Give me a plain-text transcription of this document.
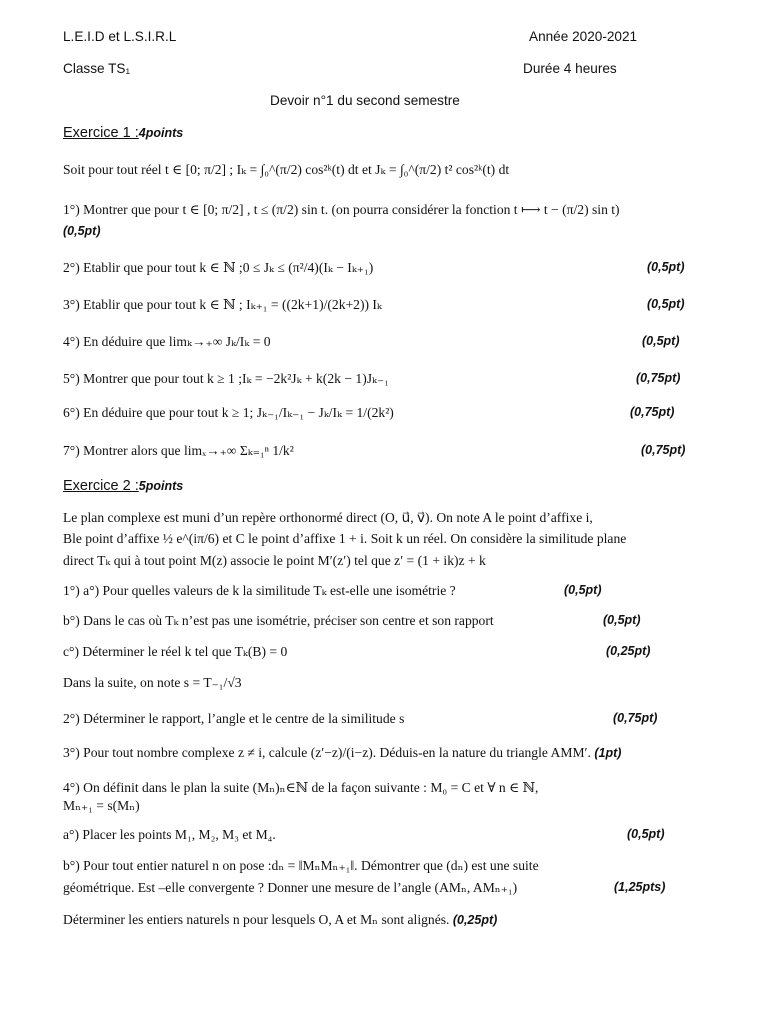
L.E.I.D et L.S.I.R.L	Année 2020-2021
Classe TS₁	Durée 4 heures
Devoir n°1 du second semestre
Exercice 1 :4points
Soit pour tout réel t ∈ [0; π/2] ; Iₖ = ∫₀^(π/2) cos²ᵏ(t) dt et Jₖ = ∫₀^(π/2) t² cos²ᵏ(t) dt
1°) Montrer que pour t ∈ [0; π/2] , t ≤ (π/2) sin t. (on pourra considérer la fonction t ⟼ t − (π/2) sin t)
(0,5pt)
2°) Etablir que pour tout k ∈ ℕ ;0 ≤ Jₖ ≤ (π²/4)(Iₖ − Iₖ₊₁)	(0,5pt)
3°) Etablir que pour tout k ∈ ℕ ; Iₖ₊₁ = ((2k+1)/(2k+2)) Iₖ	(0,5pt)
4°) En déduire que limₖ→₊∞ Jₖ/Iₖ = 0	(0,5pt)
5°) Montrer que pour tout k ≥ 1 ;Iₖ = −2k²Jₖ + k(2k − 1)Jₖ₋₁	(0,75pt)
6°) En déduire que pour tout k ≥ 1; Jₖ₋₁/Iₖ₋₁ − Jₖ/Iₖ = 1/(2k²)	(0,75pt)
7°) Montrer alors que limₓ→₊∞ Σₖ₌₁ⁿ 1/k²	(0,75pt)
Exercice 2 :5points
Le plan complexe est muni d’un repère orthonormé direct (O, u⃗, v⃗). On note A le point d’affixe i,
Ble point d’affixe ½ e^(iπ/6) et C le point d’affixe 1 + i. Soit k un réel. On considère la similitude plane
direct Tₖ qui à tout point M(z) associe le point M′(z′) tel que z′ = (1 + ik)z + k
1°) a°) Pour quelles valeurs de k la similitude Tₖ est-elle une isométrie ?	(0,5pt)
b°) Dans le cas où Tₖ n’est pas une isométrie, préciser son centre et son rapport	(0,5pt)
c°) Déterminer le réel k tel que Tₖ(B) = 0	(0,25pt)
Dans la suite, on note s = T₋₁/√3
2°) Déterminer le rapport, l’angle et le centre de la similitude s	(0,75pt)
3°) Pour tout nombre complexe z ≠ i, calcule (z′−z)/(i−z). Déduis-en la nature du triangle AMM′. (1pt)
4°) On définit dans le plan la suite (Mₙ)ₙ∈ℕ de la façon suivante : M₀ = C et ∀ n ∈ ℕ,
Mₙ₊₁ = s(Mₙ)
a°) Placer les points M₁, M₂, M₃ et M₄.	(0,5pt)
b°) Pour tout entier naturel n on pose :dₙ = ‖MₙMₙ₊₁‖. Démontrer que (dₙ) est une suite
géométrique. Est –elle convergente ? Donner une mesure de l’angle (AMₙ, AMₙ₊₁)	(1,25pts)
Déterminer les entiers naturels n pour lesquels O, A et Mₙ sont alignés. (0,25pt)
